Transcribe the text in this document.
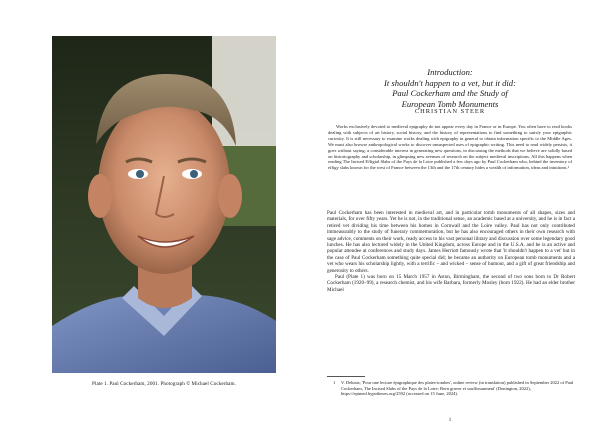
Plate 1. Paul Cockerham, 2001. Photograph © Michael Cockerham.
Introduction:
It shouldn't happen to a vet, but it did:
Paul Cockerham and the Study of
European Tomb Monuments
CHRISTIAN STEER
Works exclusively devoted to medieval epigraphy do not appear every day in France or in Europe. You often have to read books dealing with subjects of art history, social history, and the history of representations to find something to satisfy your epigraphic curiosity. It is still necessary to examine works dealing with epigraphy in general to obtain information specific to the Middle Ages. We must also browse anthropological works to discover unsuspected uses of epigraphic writing. This need to read widely persists, it goes without saying, a considerable interest in generating new questions, in discussing the methods that we believe are solidly based on historiography and scholarship, in glimpsing new avenues of research on the subject medieval inscriptions. All this happens when reading The Incised Effigial Slabs of the Pays de la Loire published a few days ago by Paul Cockerham who, behind the inventory of effigy slabs known for the west of France between the 13th and the 17th century hides a wealth of information, ideas and intuitions.¹

Paul Cockerham has been interested in medieval art, and in particular tomb monuments of all shapes, sizes and materials, for over fifty years. Yet he is not, in the traditional sense, an academic based at a university, and he is in fact a retired vet dividing his time between his homes in Cornwall and the Loire valley. Paul has not only contributed immeasurably to the study of funerary commemoration, but he has also encouraged others in their own research with sage advice, comments on their work, ready access to his vast personal library and discussion over some legendary good lunches. He has also lectured widely in the United Kingdom, across Europe and in the U.S.A. and he is an active and popular attendee at conferences and study days. James Herriott famously wrote that 'it shouldn't happen to a vet' but in the case of Paul Cockerham something quite special did; he became an authority on European tomb monuments and a vet who wears his scholarship lightly, with a terrific – and wicked – sense of humour, and a gift of great friendship and generosity to others.

Paul (Plate 1) was born on 15 March 1957 in Aston, Birmingham, the second of two sons born to Dr Robert Cockerham (1920–99), a research chemist, and his wife Barbara, formerly Mosley (born 1922). He had an elder brother Michael

1 V. Debiais, 'Pour une lecture épigraphique des plates-tombes', online review (in translation) published in September 2022 of Paul Cockerham, The Incised Slabs of the Pays de la Loire: Born graver et souffissaument' (Donington, 2022), https://epimed.hypotheses.org/2592 (accessed on 15 June, 2024).
1
